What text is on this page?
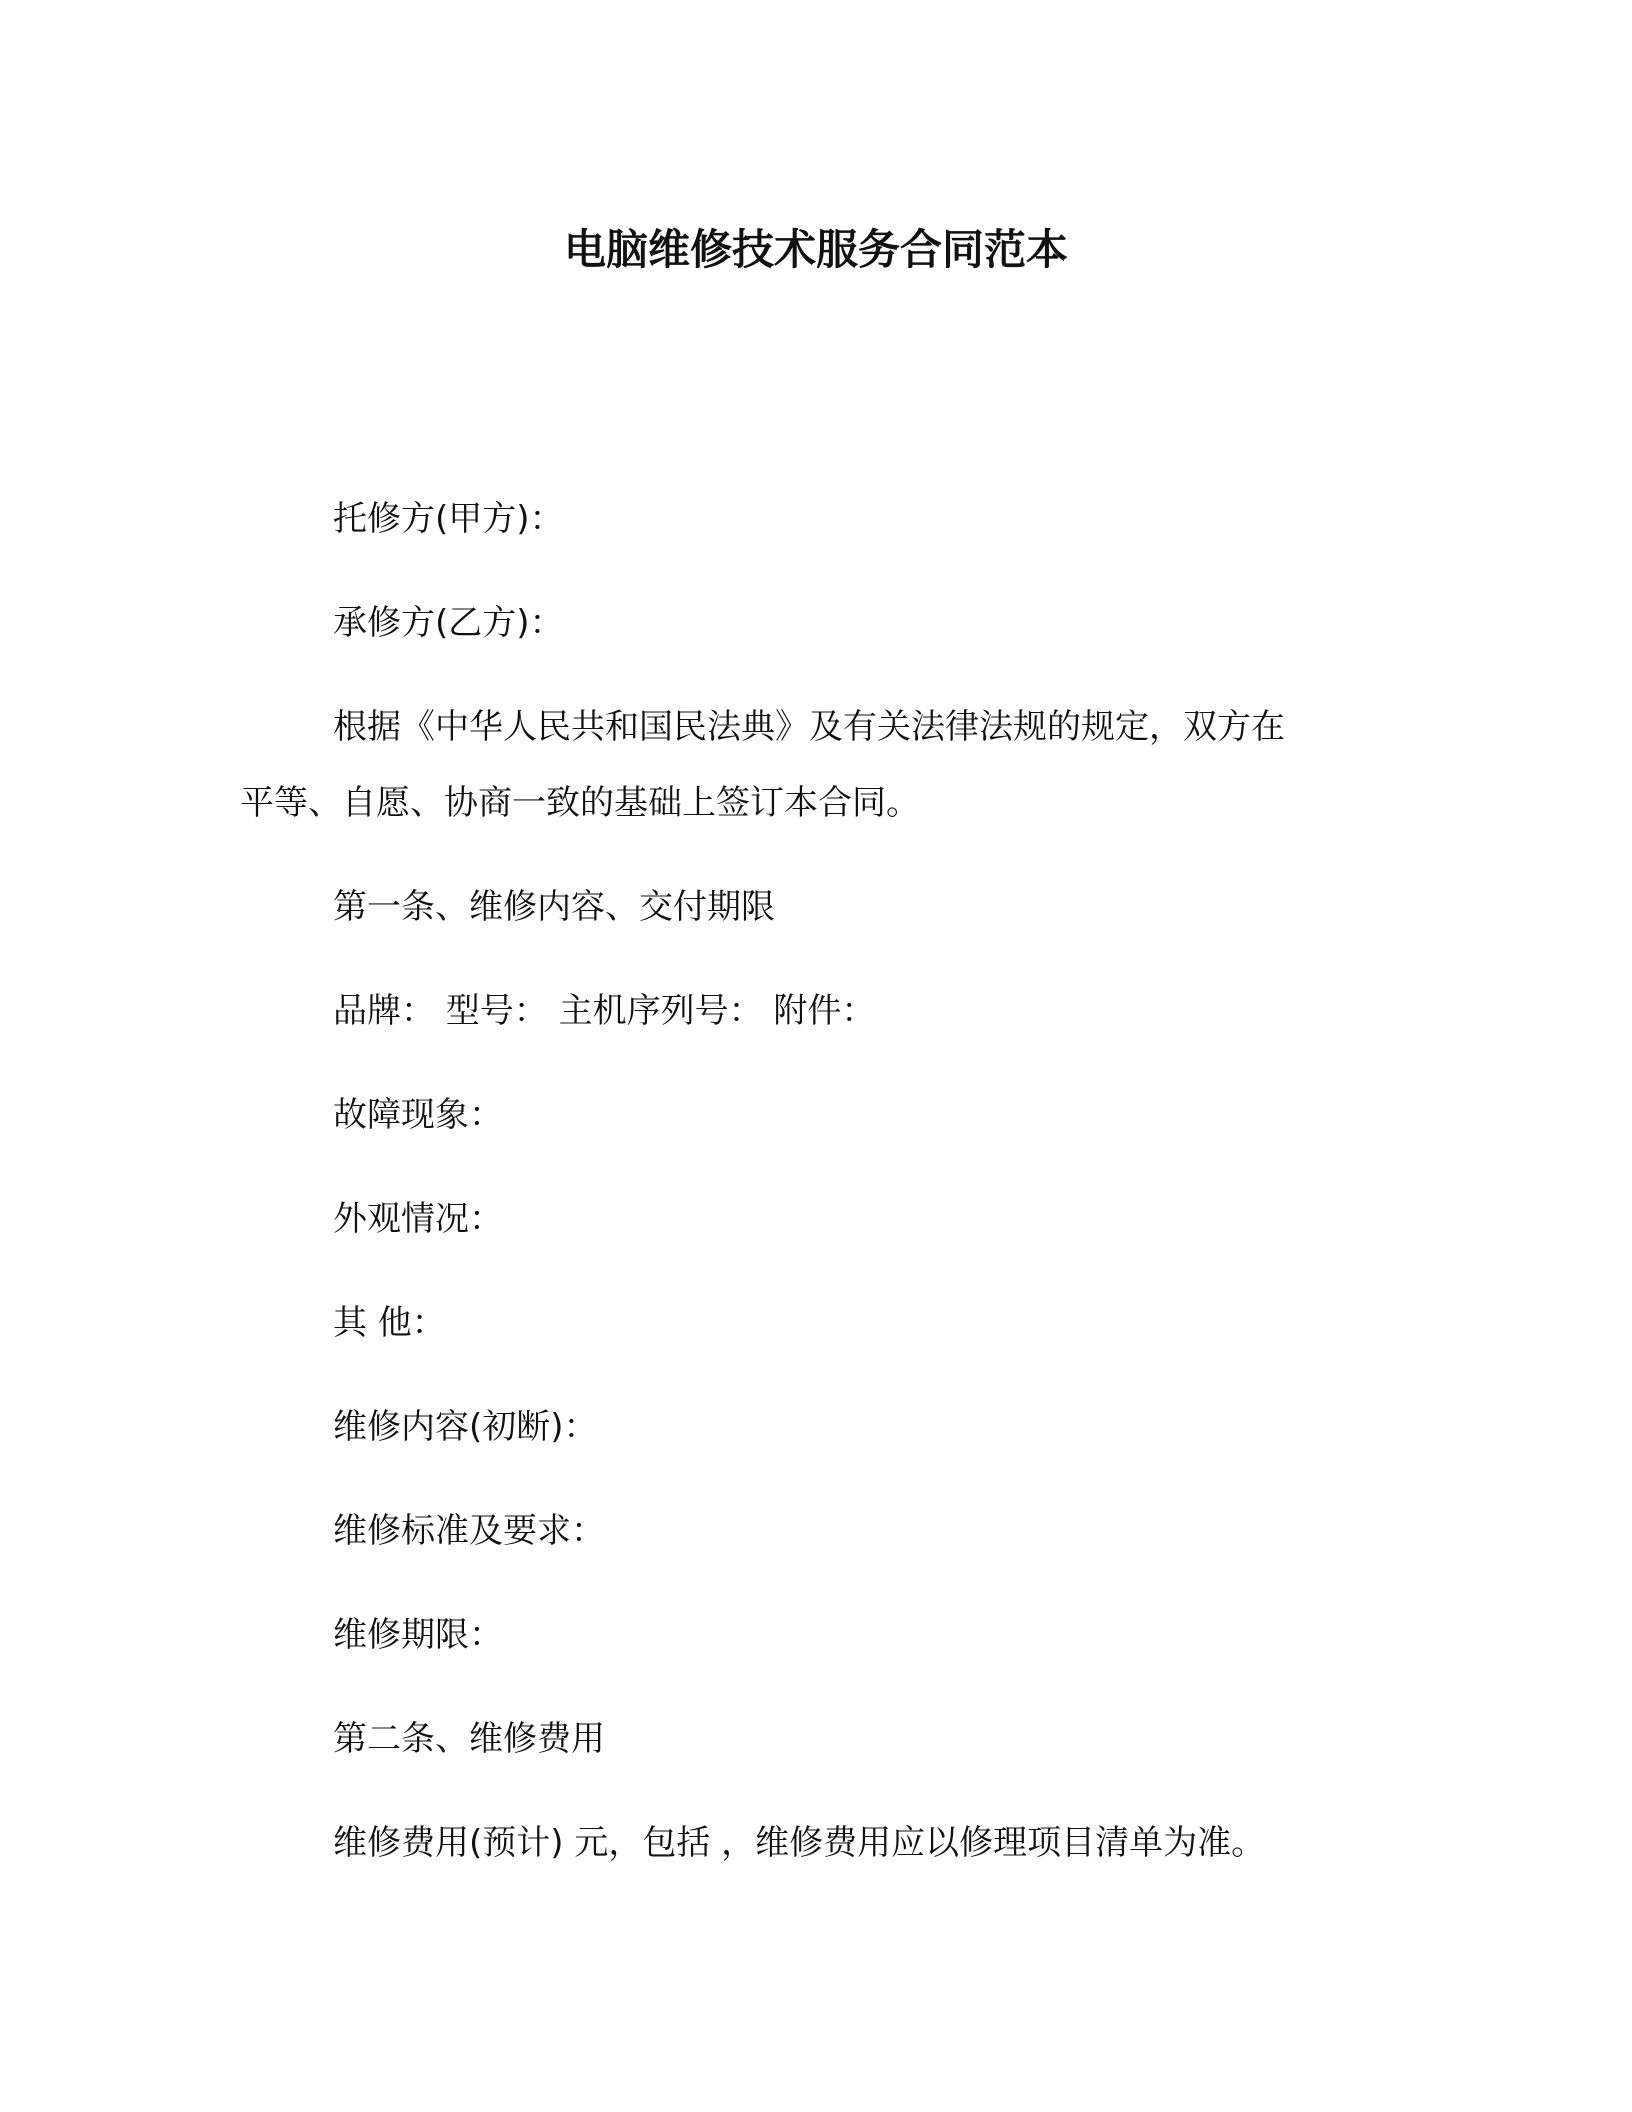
电脑维修技术服务合同范本
托修方(甲方)：
承修方(乙方)：
根据《中华人民共和国民法典》及有关法律法规的规定，双方在
平等、自愿、协商一致的基础上签订本合同。
第一条、维修内容、交付期限
品牌： 型号： 主机序列号： 附件：
故障现象：
外观情况：
其 他：
维修内容(初断)：
维修标准及要求：
维修期限：
第二条、维修费用
维修费用(预计) 元，包括 ，维修费用应以修理项目清单为准。
